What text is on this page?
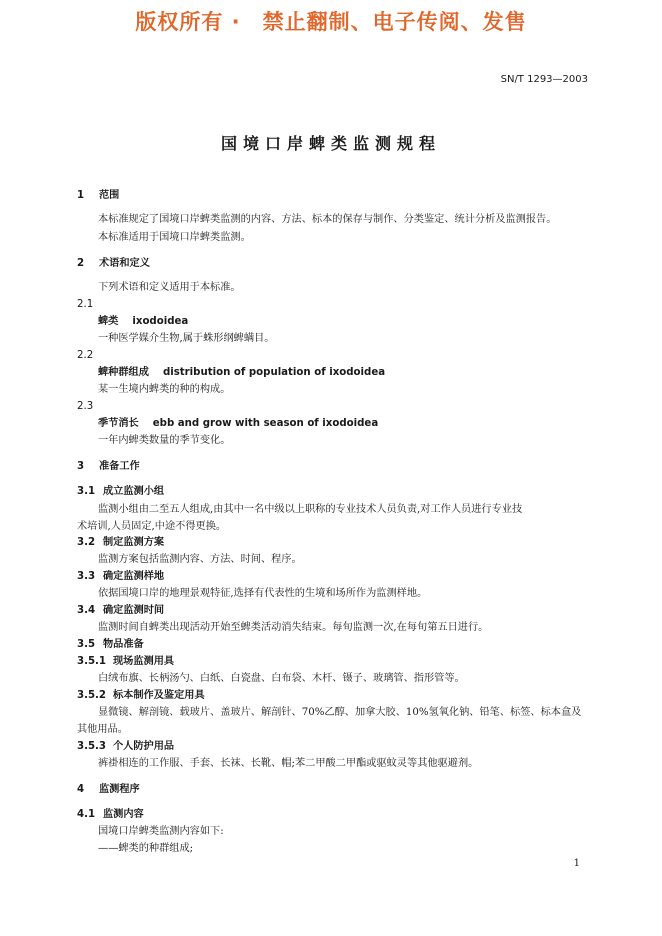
版权所有 ·　禁止翻制、电子传阅、发售
SN/T 1293—2003
国境口岸蜱类监测规程
1 范围
本标准规定了国境口岸蜱类监测的内容、方法、标本的保存与制作、分类鉴定、统计分析及监测报告。
本标准适用于国境口岸蜱类监测。
2 术语和定义
下列术语和定义适用于本标准。
2.1
蜱类 ixodoidea
一种医学媒介生物,属于蛛形纲蜱螨目。
2.2
蜱种群组成 distribution of population of ixodoidea
某一生境内蜱类的种的构成。
2.3
季节消长 ebb and grow with season of ixodoidea
一年内蜱类数量的季节变化。
3 准备工作
3.1 成立监测小组
监测小组由二至五人组成,由其中一名中级以上职称的专业技术人员负责,对工作人员进行专业技
术培训,人员固定,中途不得更换。
3.2 制定监测方案
监测方案包括监测内容、方法、时间、程序。
3.3 确定监测样地
依据国境口岸的地理景观特征,选择有代表性的生境和场所作为监测样地。
3.4 确定监测时间
监测时间自蜱类出现活动开始至蜱类活动消失结束。每旬监测一次,在每旬第五日进行。
3.5 物品准备
3.5.1 现场监测用具
白绒布旗、长柄汤勺、白纸、白瓷盘、白布袋、木杆、镊子、玻璃管、指形管等。
3.5.2 标本制作及鉴定用具
显微镜、解剖镜、载玻片、盖玻片、解剖针、70%乙醇、加拿大胶、10%氢氧化钠、铅笔、标签、标本盒及
其他用品。
3.5.3 个人防护用品
裤褂相连的工作服、手套、长袜、长靴、帽;苯二甲酸二甲酯或驱蚊灵等其他驱避剂。
4 监测程序
4.1 监测内容
国境口岸蜱类监测内容如下:
——蜱类的种群组成;
1
